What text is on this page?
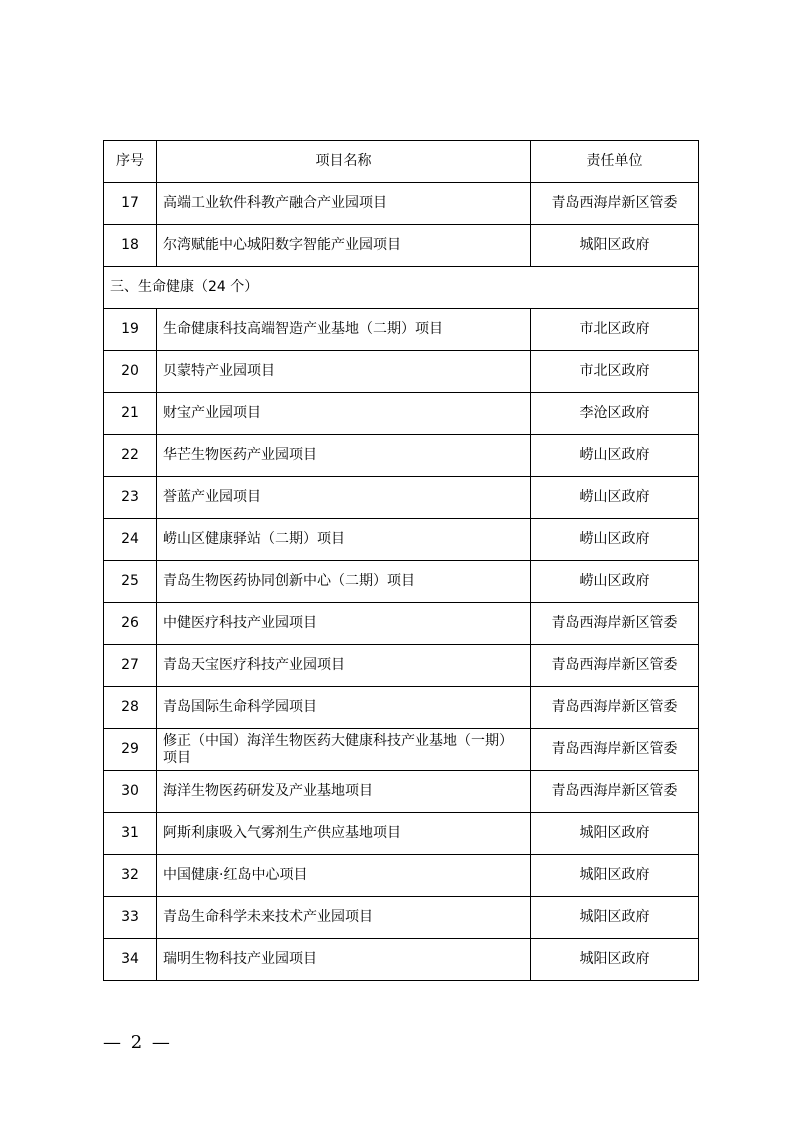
序号	项目名称	责任单位
17	高端工业软件科教产融合产业园项目	青岛西海岸新区管委
18	尔湾赋能中心城阳数字智能产业园项目	城阳区政府
三、生命健康（24 个）		
19	生命健康科技高端智造产业基地（二期）项目	市北区政府
20	贝蒙特产业园项目	市北区政府
21	财宝产业园项目	李沧区政府
22	华芒生物医药产业园项目	崂山区政府
23	誉蓝产业园项目	崂山区政府
24	崂山区健康驿站（二期）项目	崂山区政府
25	青岛生物医药协同创新中心（二期）项目	崂山区政府
26	中健医疗科技产业园项目	青岛西海岸新区管委
27	青岛天宝医疗科技产业园项目	青岛西海岸新区管委
28	青岛国际生命科学园项目	青岛西海岸新区管委
29	修正（中国）海洋生物医药大健康科技产业基地（一期）项目	青岛西海岸新区管委
30	海洋生物医药研发及产业基地项目	青岛西海岸新区管委
31	阿斯利康吸入气雾剂生产供应基地项目	城阳区政府
32	中国健康·红岛中心项目	城阳区政府
33	青岛生命科学未来技术产业园项目	城阳区政府
34	瑞明生物科技产业园项目	城阳区政府
— 2 —
